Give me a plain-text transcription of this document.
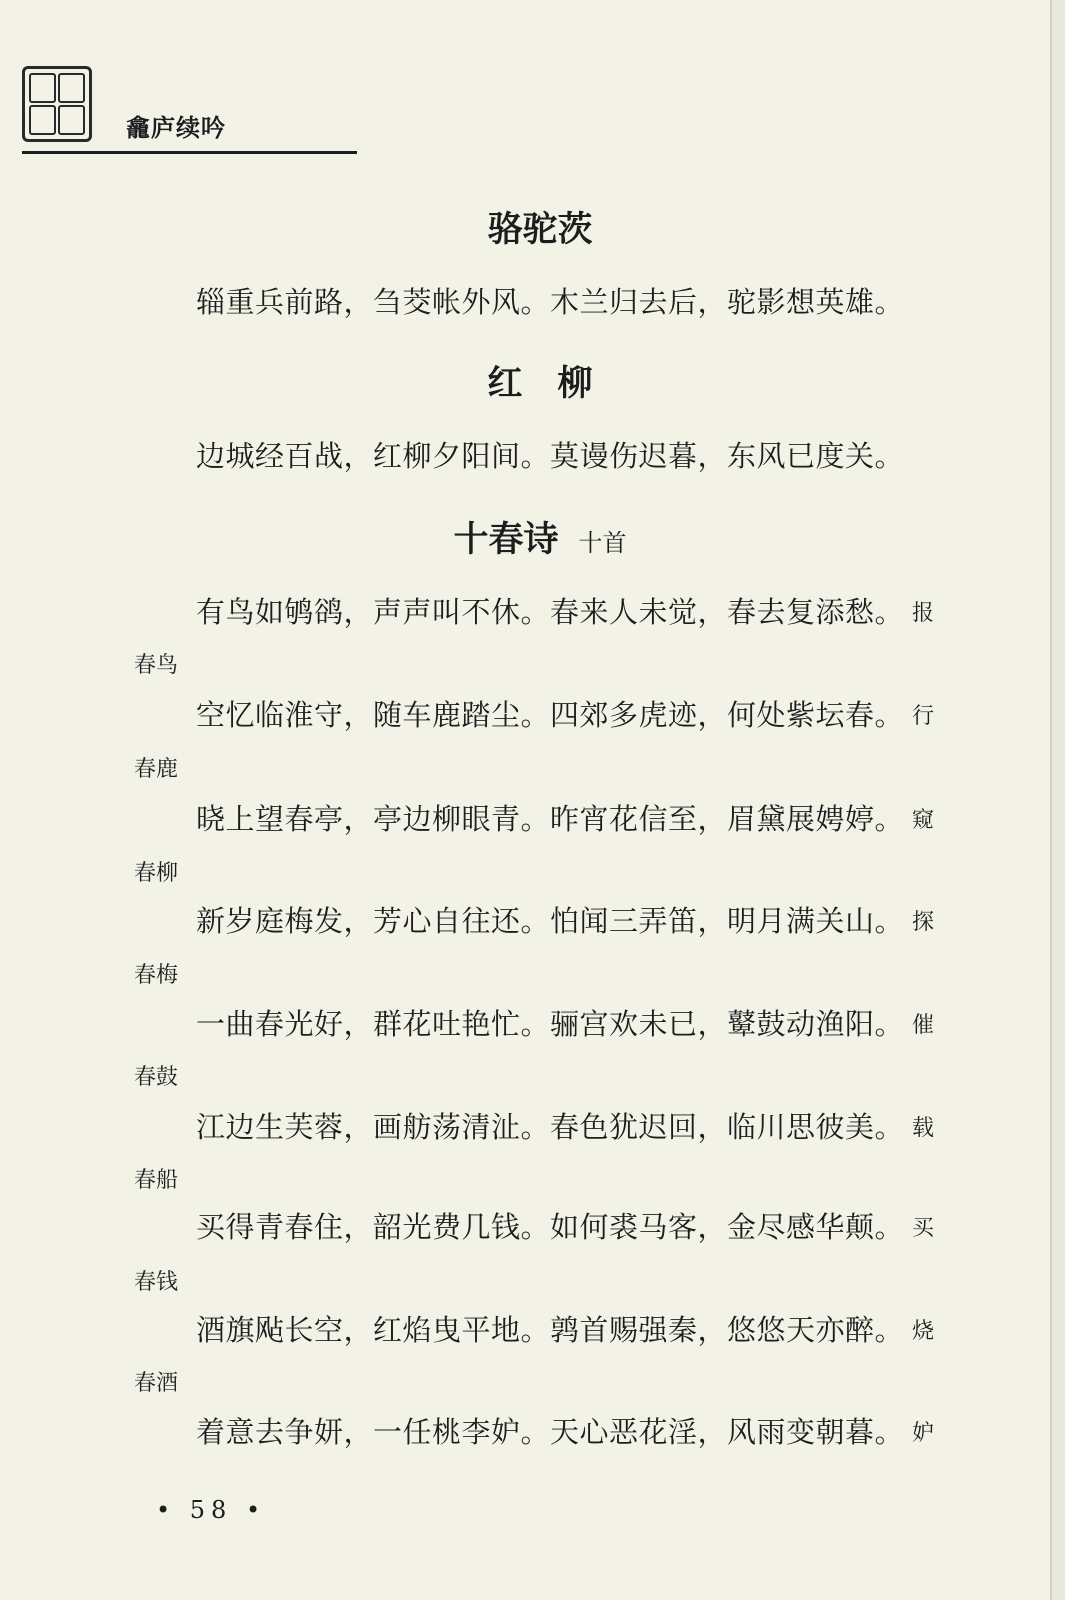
龕庐续吟
骆驼茨
辎重兵前路，刍茭帐外风。木兰归去后，驼影想英雄。
红　柳
边城经百战，红柳夕阳间。莫谩伤迟暮，东风已度关。
十春诗 十首
有鸟如鸲鹆，声声叫不休。春来人未觉，春去复添愁。 报
春鸟
空忆临淮守，随车鹿踏尘。四郊多虎迹，何处紫坛春。 行
春鹿
晓上望春亭，亭边柳眼青。昨宵花信至，眉黛展娉婷。 窥
春柳
新岁庭梅发，芳心自往还。怕闻三弄笛，明月满关山。 探
春梅
一曲春光好，群花吐艳忙。骊宫欢未已，鼙鼓动渔阳。 催
春鼓
江边生芙蓉，画舫荡清沚。春色犹迟回，临川思彼美。 载
春船
买得青春住，韶光费几钱。如何裘马客，金尽感华颠。 买
春钱
酒旗飐长空，红焰曳平地。鹑首赐强秦，悠悠天亦醉。 烧
春酒
着意去争妍，一任桃李妒。天心恶花淫，风雨变朝暮。 妒
• 58 •
